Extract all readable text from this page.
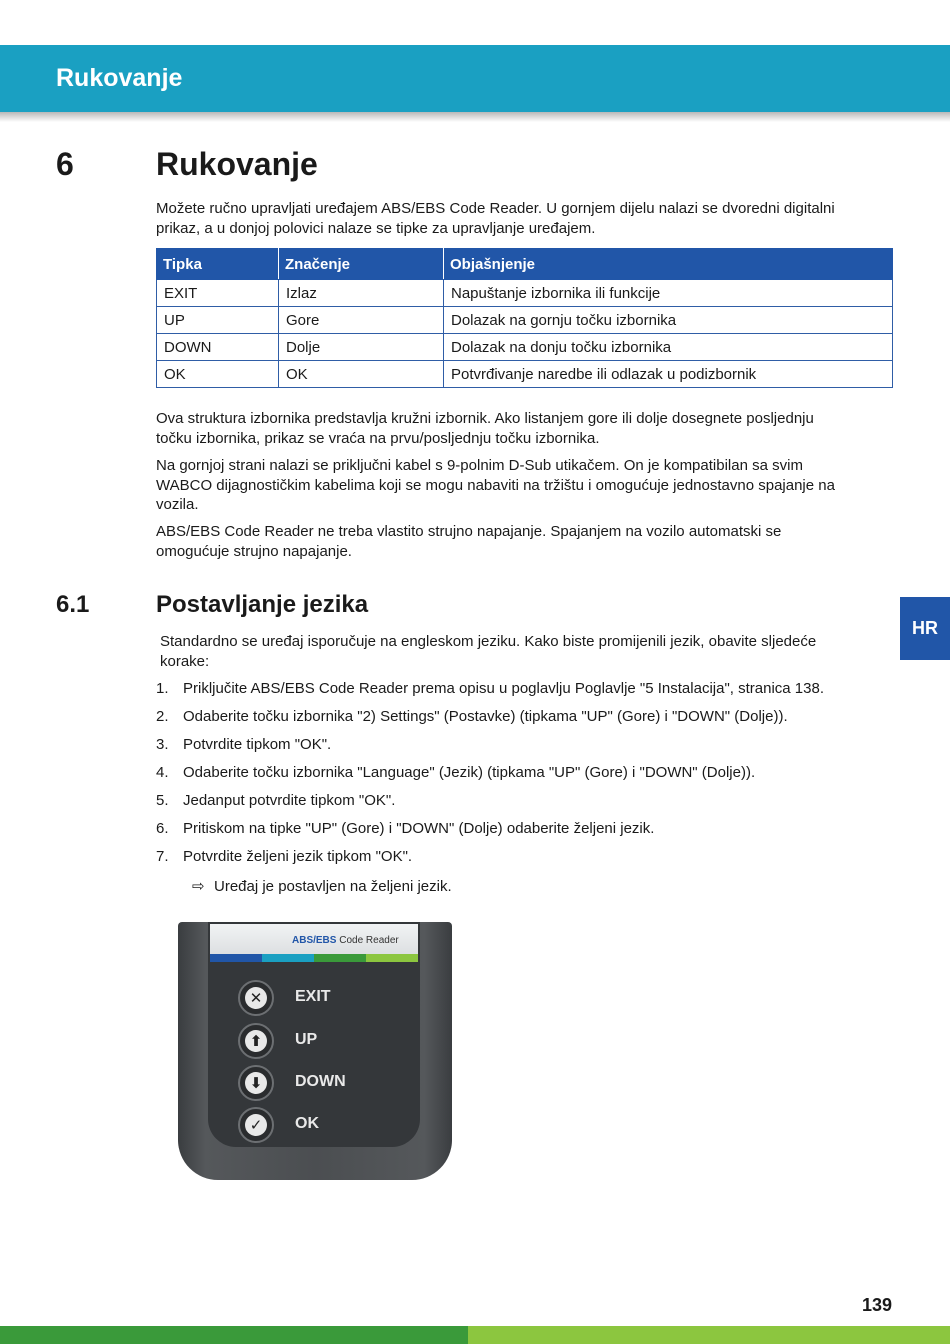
Rukovanje
6	Rukovanje

Možete ručno upravljati uređajem ABS/EBS Code Reader. U gornjem dijelu nalazi se dvoredni digitalni
prikaz, a u donjoj polovici nalaze se tipke za upravljanje uređajem.

Tipka	Značenje	Objašnjenje
EXIT	Izlaz	Napuštanje izbornika ili funkcije
UP	Gore	Dolazak na gornju točku izbornika
DOWN	Dolje	Dolazak na donju točku izbornika
OK	OK	Potvrđivanje naredbe ili odlazak u podizbornik

Ova struktura izbornika predstavlja kružni izbornik. Ako listanjem gore ili dolje dosegnete posljednju
točku izbornika, prikaz se vraća na prvu/posljednju točku izbornika.

Na gornjoj strani nalazi se priključni kabel s 9-polnim D-Sub utikačem. On je kompatibilan sa svim
WABCO dijagnostičkim kabelima koji se mogu nabaviti na tržištu i omogućuje jednostavno spajanje na
vozila.

ABS/EBS Code Reader ne treba vlastito strujno napajanje. Spajanjem na vozilo automatski se
omogućuje strujno napajanje.

6.1	Postavljanje jezika

Standardno se uređaj isporučuje na engleskom jeziku. Kako biste promijenili jezik, obavite sljedeće
korake:

1. Priključite ABS/EBS Code Reader prema opisu u poglavlju Poglavlje "5 Instalacija", stranica 138.
2. Odaberite točku izbornika "2) Settings" (Postavke) (tipkama "UP" (Gore) i "DOWN" (Dolje)).
3. Potvrdite tipkom "OK".
4. Odaberite točku izbornika "Language" (Jezik) (tipkama "UP" (Gore) i "DOWN" (Dolje)).
5. Jedanput potvrdite tipkom "OK".
6. Pritiskom na tipke "UP" (Gore) i "DOWN" (Dolje) odaberite željeni jezik.
7. Potvrdite željeni jezik tipkom "OK".
⇨ Uređaj je postavljen na željeni jezik.
ABS/EBS Code Reader
✕ EXIT
⬆ UP
⬇ DOWN
✓ OK
HR
139
